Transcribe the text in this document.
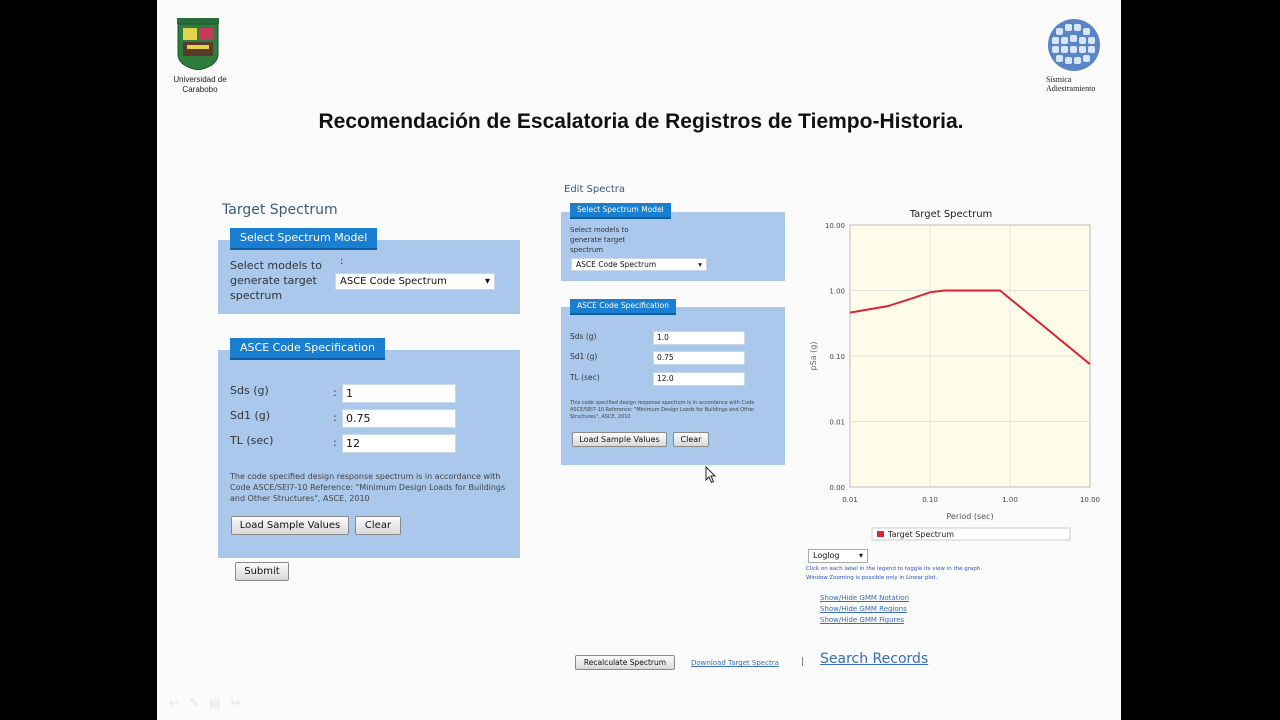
Universidad de Carabobo
Sísmica Adiestramiento
Recomendación de Escalatoria de Registros de Tiempo-Historia.
Target Spectrum
Select Spectrum Model
Select models to generate target spectrum
:
ASCE Code Spectrum	▾
ASCE Code Specification
Sds (g)	: 1
Sd1 (g)	: 0.75
TL (sec)	: 12
The code specified design response spectrum is in accordance with Code ASCE/SEI7-10 Reference: "Minimum Design Loads for Buildings and Other Structures", ASCE, 2010
Load Sample Values	Clear
Submit
Edit Spectra
Select Spectrum Model
Select models to generate target spectrum
ASCE Code Spectrum	▾
ASCE Code Specification
Sds (g)	1.0
Sd1 (g)	0.75
TL (sec)	12.0
This code specified design response spectrum is in accordance with Code ASCE/SEI7-10 Reference: "Minimum Design Loads for Buildings and Other Structures", ASCE, 2010
Load Sample Values	Clear
Target Spectrum
10.00
1.00
0.10
0.01
0.00
0.01	0.10	1.00	10.00
pSa (g)
Period (sec)
Target Spectrum
Loglog ▾
Click on each label in the legend to toggle its view in the graph.
Window Zooming is possible only in Linear plot.
Show/Hide GMM Notation
Show/Hide GMM Regions
Show/Hide GMM Figures
Recalculate Spectrum	Download Target Spectra | Search Records
↩ ✎ ▤ ↪
